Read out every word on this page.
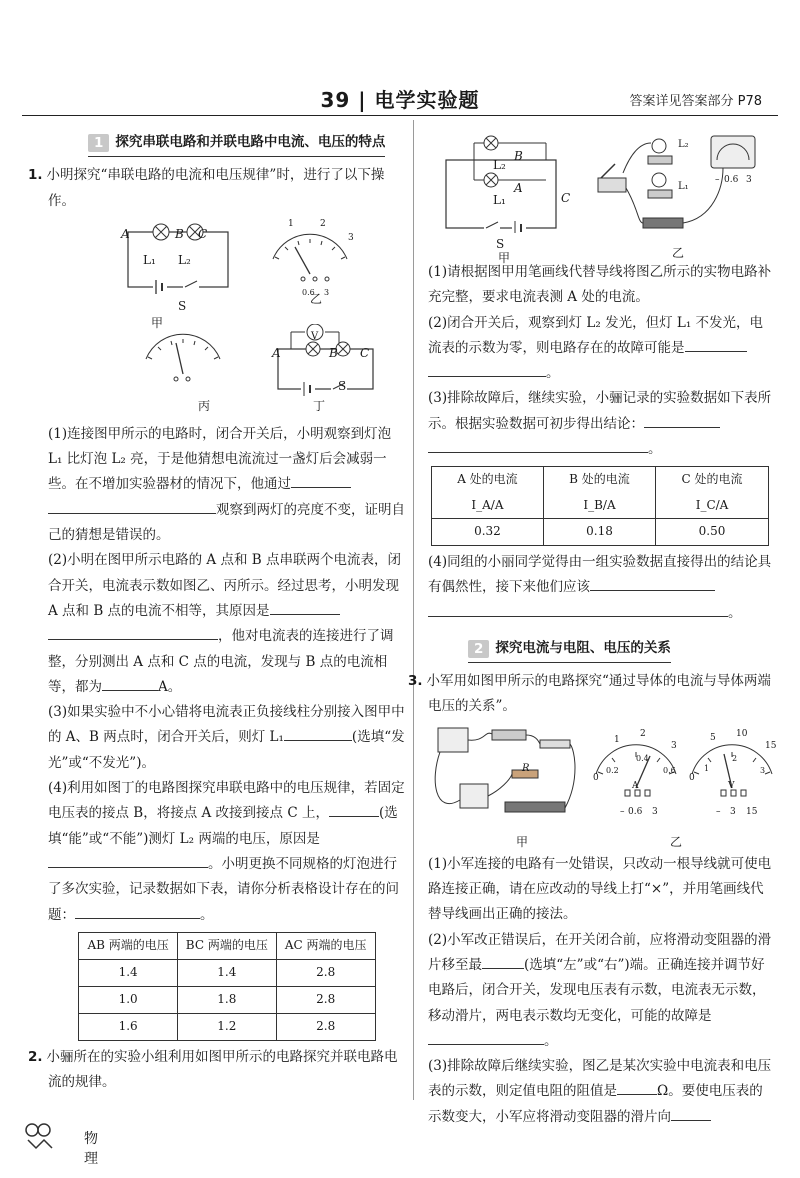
39 | 电学实验题	答案详见答案部分 P78
1 探究串联电路和并联电路中电流、电压的特点

1. 小明探究“串联电路的电流和电压规律”时，进行了以下操作。

A	B C
L₁ L₂
S
甲
1	2
3
0.6 3
乙
丙
V
A	B C
S
丁

(1)连接图甲所示的电路时，闭合开关后，小明观察到灯泡 L₁ 比灯泡 L₂ 亮，于是他猜想电流流过一盏灯后会减弱一些。在不增加实验器材的情况下，他通过观察到两灯的亮度不变，证明自己的猜想是错误的。

(2)小明在图甲所示电路的 A 点和 B 点串联两个电流表，闭合开关，电流表示数如图乙、丙所示。经过思考，小明发现 A 点和 B 点的电流不相等，其原因是，他对电流表的连接进行了调整，分别测出 A 点和 C 点的电流，发现与 B 点的电流相等，都为	A。

(3)如果实验中不小心错将电流表正负接线柱分别接入图甲中的 A、B 两点时，闭合开关后，则灯 L₁	(选填“发光”或“不发光”)。

(4)利用如图丁的电路图探究串联电路中的电压规律，若固定电压表的接点 B，将接点 A 改接到接点 C 上，	(选填“能”或“不能”)测灯 L₂ 两端的电压，原因是。小明更换不同规格的灯泡进行了多次实验，记录数据如下表，请你分析表格设计存在的问题：	。

AB 两端的电压	BC 两端的电压	AC 两端的电压
1.4	1.4	2.8
1.0	1.8	2.8
1.6	1.2	2.8

2. 小骊所在的实验小组利用如图甲所示的电路探究并联电路电流的规律。

L₂
B
A
L₁	C
S
甲
L₂
L₁
– 0.6 3
乙

(1)请根据图甲用笔画线代替导线将图乙所示的实物电路补充完整，要求电流表测 A 处的电流。

(2)闭合开关后，观察到灯 L₂ 发光，但灯 L₁ 不发光，电流表的示数为零，则电路存在的故障可能是。

(3)排除故障后，继续实验，小骊记录的实验数据如下表所示。根据实验数据可初步得出结论：。

A 处的电流 I_A/A	B 处的电流 I_B/A	C 处的电流 I_C/A
0.32	0.18	0.50

(4)同组的小丽同学觉得由一组实验数据直接得出的结论具有偶然性，接下来他们应该。

2 探究电流与电阻、电压的关系

3. 小军用如图甲所示的电路探究“通过导体的电流与导体两端电压的关系”。

R
甲
1
2
3
0
0.2
0.4
0.6
A
– 0.6 3
乙
5 10
15
0
1
2
3
V
– 3 15

(1)小军连接的电路有一处错误，只改动一根导线就可使电路连接正确，请在应改动的导线上打“×”，并用笔画线代替导线画出正确的接法。

(2)小军改正错误后，在开关闭合前，应将滑动变阻器的滑片移至最	(选填“左”或“右”)端。正确连接并调节好电路后，闭合开关，发现电压表有示数，电流表无示数，移动滑片，两电表示数均无变化，可能的故障是。

(3)排除故障后继续实验，图乙是某次实验中电流表和电压表的示数，则定值电阻的阻值是	Ω。要使电压表的示数变大，小军应将滑动变阻器的滑片向

物理
